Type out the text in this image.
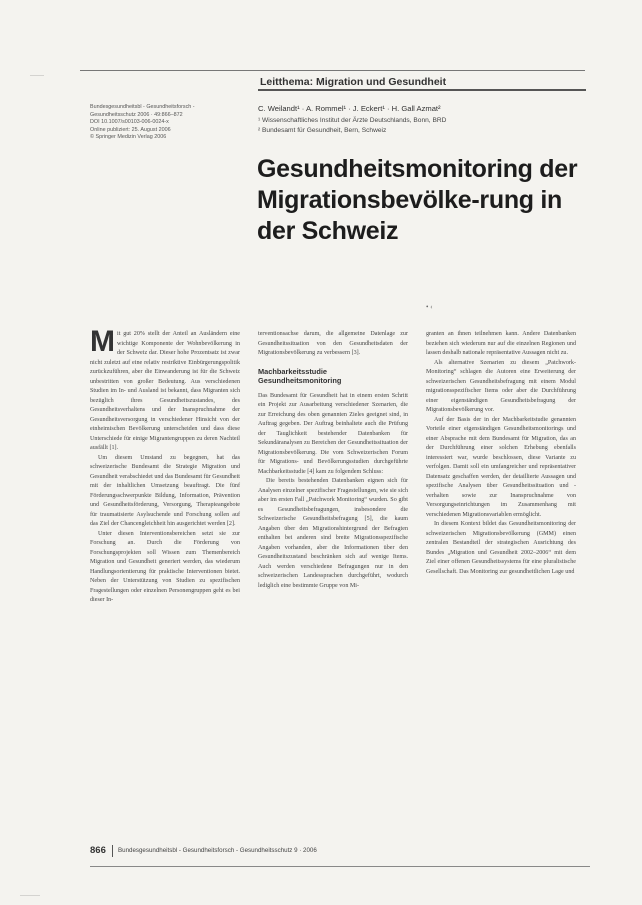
Leitthema: Migration und Gesundheit
Bundesgesundheitsbl - Gesundheitsforsch -
Gesundheitsschutz 2006 · 49:866–872
DOI 10.1007/s00103-006-0024-x
Online publiziert: 25. August 2006
© Springer Medizin Verlag 2006
C. Weilandt¹ · A. Rommel¹ · J. Eckert¹ · H. Gall Azmat²
¹ Wissenschaftliches Institut der Ärzte Deutschlands, Bonn, BRD
² Bundesamt für Gesundheit, Bern, Schweiz
Gesundheitsmonitoring der Migrationsbevölke-rung in der Schweiz
• ‹

Mit gut 20% stellt der Anteil an Ausländern eine wichtige Komponente der Wohnbevölkerung in der Schweiz dar. Dieser hohe Prozentsatz ist zwar nicht zuletzt auf eine relativ restriktive Einbürgerungspolitik zurückzuführen, aber die Einwanderung ist für die Schweiz unbestritten von großer Bedeutung. Aus verschiedenen Studien im In- und Ausland ist bekannt, dass Migranten sich bezüglich ihres Gesundheitszustandes, des Gesundheitsverhaltens und der Inanspruchnahme der Gesundheitsversorgung in verschiedener Hinsicht von der einheimischen Bevölkerung unterscheiden und dass diese Unterschiede für einige Migrantengruppen zu deren Nachteil ausfällt [1].

Um diesem Umstand zu begegnen, hat das schweizerische Bundesamt die Strategie Migration und Gesundheit verabschiedet und das Bundesamt für Gesundheit mit der inhaltlichen Umsetzung beauftragt. Die fünf Förderungsschwerpunkte Bildung, Information, Prävention und Gesundheitsförderung, Versorgung, Therapieangebote für traumatisierte Asylsuchende und Forschung sollen auf das Ziel der Chancengleichheit hin ausgerichtet werden [2].

Unter diesen Interventionsbereichen setzt sie zur Forschung an. Durch die Förderung von Forschungsprojekten soll Wissen zum Themenbereich Migration und Gesundheit generiert werden, das wiederum Handlungsorientierung für praktische Interventionen bietet. Neben der Unterstützung von Studien zu spezifischen Fragestellungen oder einzelnen Personengruppen geht es bei dieser In-

terventionsachse darum, die allgemeine Datenlage zur Gesundheitssituation von den Gesundheitsdaten der Migrationsbevölkerung zu verbessern [3].

Machbarkeitsstudie Gesundheitsmonitoring

Das Bundesamt für Gesundheit hat in einem ersten Schritt ein Projekt zur Ausarbeitung verschiedener Szenarien, die zur Erreichung des oben genannten Zieles geeignet sind, in Auftrag gegeben. Der Auftrag beinhaltete auch die Prüfung der Tauglichkeit bestehender Datenbanken für Sekundäranalysen zu Bereichen der Gesundheitssituation der Migrationsbevölkerung. Die vom Schweizerischen Forum für Migrations- und Bevölkerungsstudien durchgeführte Machbarkeitsstudie [4] kam zu folgendem Schluss:

Die bereits bestehenden Datenbanken eignen sich für Analysen einzelner spezifischer Fragestellungen, wie sie sich aber im ersten Fall „Patchwork Monitoring“ wurden. So gibt es Gesundheitsbefragungen, insbesondere die Schweizerische Gesundheitsbefragung [5], die kaum Angaben über den Migrationshintergrund der Befragten enthalten bei anderen sind breite Migrationsspezifische Angaben vorhanden, aber die Informationen über den Gesundheitszustand beschränken sich auf wenige Items. Auch werden verschiedene Befragungen nur in den schweizerischen Landessprachen durchgeführt, wodurch lediglich eine bestimmte Gruppe von Mi-

granten an ihnen teilnehmen kann. Andere Datenbanken beziehen sich wiederum nur auf die einzelnen Regionen und lassen deshalb nationale repräsentative Aussagen nicht zu.

Als alternative Szenarien zu diesem „Patchwork-Monitoring“ schlagen die Autoren eine Erweiterung der schweizerischen Gesundheitsbefragung mit einem Modul migrationsspezifischer Items oder aber die Durchführung einer eigenständigen Gesundheitsbefragung der Migrationsbevölkerung vor.

Auf der Basis der in der Machbarkeitstudie genannten Vorteile einer eigenständigen Gesundheitsmonitorings und einer Absprache mit dem Bundesamt für Migration, das an der Durchführung einer solchen Erhebung ebenfalls interessiert war, wurde beschlossen, diese Variante zu verfolgen. Damit soll ein umfangreicher und repräsentativer Datensatz geschaffen werden, der detaillierte Aussagen und spezifische Analysen über Gesundheitssituation und -verhalten sowie zur Inanspruchnahme von Versorgungseinrichtungen im Zusammenhang mit verschiedenen Migrationsvariablen ermöglicht.

In diesem Kontext bildet das Gesundheitsmonitoring der schweizerischen Migrationsbevölkerung (GMM) einen zentralen Bestandteil der strategischen Ausrichtung des Bundes „Migration und Gesundheit 2002–2006“ mit dem Ziel einer offenen Gesundheitssystems für eine pluralistische Gesellschaft. Das Monitoring zur gesundheitlichen Lage und

866 Bundesgesundheitsbl - Gesundheitsforsch - Gesundheitsschutz 9 · 2006
